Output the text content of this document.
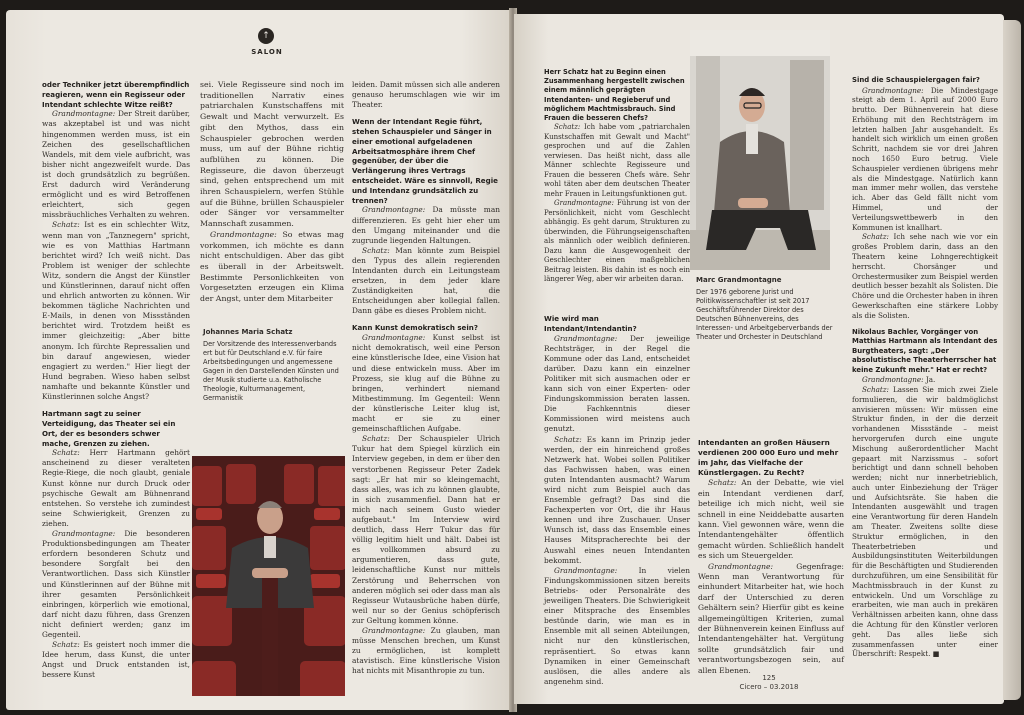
↑
SALON

oder Techniker jetzt überempfindlich reagieren, wenn ein Regisseur oder Intendant schlechte Witze reißt?

Grandmontagne: Der Streit darüber, was akzeptabel ist und was nicht hingenommen werden muss, ist ein Zeichen des gesellschaftlichen Wandels, mit dem viele aufbricht, was bisher nicht angezweifelt wurde. Das ist doch grundsätzlich zu begrüßen. Erst dadurch wird Veränderung ermöglicht und es wird Betroffenen erleichtert, sich gegen missbräuchliches Verhalten zu wehren.

Schatz: Ist es ein schlechter Witz, wenn man von „Tanznegern" spricht, wie es von Matthias Hartmann berichtet wird? Ich weiß nicht. Das Problem ist weniger der schlechte Witz, sondern die Angst der Künstler und Künstlerinnen, darauf nicht offen und ehrlich antworten zu können. Wir bekommen tägliche Nachrichten und E-Mails, in denen von Missständen berichtet wird. Trotzdem heißt es immer gleichzeitig: „Aber bitte anonym. Ich fürchte Repressalien und bin darauf angewiesen, wieder engagiert zu werden." Hier liegt der Hund begraben. Wieso haben selbst namhafte und bekannte Künstler und Künstlerinnen solche Angst?

Hartmann sagt zu seiner Verteidigung, das Theater sei ein Ort, der es besonders schwer mache, Grenzen zu ziehen.

Schatz: Herr Hartmann gehört anscheinend zu dieser veralteten Regie-Riege, die noch glaubt, geniale Kunst könne nur durch Druck oder psychische Gewalt am Bühnenrand entstehen. So verstehe ich zumindest seine Schwierigkeit, Grenzen zu ziehen.

Grandmontagne: Die besonderen Produktionsbedingungen am Theater erfordern besonderen Schutz und besondere Sorgfalt bei den Verantwortlichen. Dass sich Künstler und Künstlerinnen auf der Bühne mit ihrer gesamten Persönlichkeit einbringen, körperlich wie emotional, darf nicht dazu führen, dass Grenzen nicht definiert werden; ganz im Gegenteil.

Schatz: Es geistert noch immer die Idee herum, dass Kunst, die unter Angst und Druck entstanden ist, bessere Kunst

sei. Viele Regisseure sind noch im traditionellen Narrativ eines patriarchalen Kunstschaffens mit Gewalt und Macht verwurzelt. Es gibt den Mythos, dass ein Schauspieler gebrochen werden muss, um auf der Bühne richtig aufblühen zu können. Die Regisseure, die davon überzeugt sind, gehen entsprechend um mit ihren Schauspielern, werfen Stühle auf die Bühne, brüllen Schauspieler oder Sänger vor versammelter Mannschaft zusammen.

Grandmontagne: So etwas mag vorkommen, ich möchte es dann nicht entschuldigen. Aber das gibt es überall in der Arbeitswelt. Bestimmte Personlichkeiten von Vorgesetzten erzeugen ein Klima der Angst, unter dem Mitarbeiter

Johannes Maria Schatz
Der Vorsitzende des Interessenverbands ert but für Deutschland e.V. für faire Arbeitsbedingungen und angemessene Gagen in den Darstellenden Künsten und der Musik studierte u.a. Katholische Theologie, Kulturmanagement, Germanistik

leiden. Damit müssen sich alle anderen genauso herumschlagen wie wir im Theater.

Wenn der Intendant Regie führt, stehen Schauspieler und Sänger in einer emotional aufgeladenen Arbeitsatmosphäre ihrem Chef gegenüber, der über die Verlängerung ihres Vertrags entscheidet. Wäre es sinnvoll, Regie und Intendanz grundsätzlich zu trennen?

Grandmontagne: Da müsste man differenzieren. Es geht hier eher um den Umgang miteinander und die zugrunde liegenden Haltungen.

Schatz: Man könnte zum Beispiel den Typus des allein regierenden Intendanten durch ein Leitungsteam ersetzen, in dem jeder klare Zuständigkeiten hat, die Entscheidungen aber kollegial fallen. Dann gäbe es dieses Problem nicht.

Kann Kunst demokratisch sein?

Grandmontagne: Kunst selbst ist nicht demokratisch, weil eine Person eine künstlerische Idee, eine Vision hat und diese entwickeln muss. Aber im Prozess, sie klug auf die Bühne zu bringen, verhindert niemand Mitbestimmung. Im Gegenteil: Wenn der künstlerische Leiter klug ist, macht er sie zu einer gemeinschaftlichen Aufgabe.

Schatz: Der Schauspieler Ulrich Tukur hat dem Spiegel kürzlich ein Interview gegeben, in dem er über den verstorbenen Regisseur Peter Zadek sagt: „Er hat mir so kleingemacht, dass alles, was ich zu können glaubte, in sich zusammenfiel. Dann hat er mich nach seinem Gusto wieder aufgebaut." Im Interview wird deutlich, dass Herr Tukur das für völlig legitim hielt und hält. Dabei ist es vollkommen absurd zu argumentieren, dass gute, leidenschaftliche Kunst nur mittels Zerstörung und Beherrschen von anderen möglich sei oder dass man als Regisseur Wutausbrüche haben dürfe, weil nur so der Genius schöpferisch zur Geltung kommen könne.

Grandmontagne: Zu glauben, man müsse Menschen brechen, um Kunst zu ermöglichen, ist komplett atavistisch. Eine künstlerische Vision hat nichts mit Misanthropie zu tun.

Herr Schatz hat zu Beginn einen Zusammenhang hergestellt zwischen einem männlich geprägten Intendanten- und Regieberuf und möglichem Machtmissbrauch. Sind Frauen die besseren Chefs?

Schatz: Ich habe vom „patriarchalen Kunstschaffen mit Gewalt und Macht" gesprochen und auf die Zahlen verwiesen. Das heißt nicht, dass alle Männer schlechte Regisseure und Frauen die besseren Chefs wäre. Sehr wohl täten aber dem deutschen Theater mehr Frauen in Leitungsfunktionen gut.

Grandmontagne: Führung ist von der Persönlichkeit, nicht vom Geschlecht abhängig. Es geht darum, Strukturen zu überwinden, die Führungseigenschaften als männlich oder weiblich definieren. Dazu kann die Ausgewogenheit der Geschlechter einen maßgeblichen Beitrag leisten. Bis dahin ist es noch ein längerer Weg, aber wir arbeiten daran.

Wie wird man Intendant/Intendantin?

Grandmontagne: Der jeweilige Rechtsträger, in der Regel die Kommune oder das Land, entscheidet darüber. Dazu kann ein einzelner Politiker mit sich ausmachen oder er kann sich von einer Experten- oder Findungskommission beraten lassen. Die Fachkenntnis dieser Kommissionen wird meistens auch genutzt.

Schatz: Es kann im Prinzip jeder werden, der ein hinreichend großes Netzwerk hat. Wobei sollen Politiker das Fachwissen haben, was einen guten Intendanten ausmacht? Warum wird nicht zum Beispiel auch das Ensemble gefragt? Das sind die Fachexperten vor Ort, die ihr Haus kennen und ihre Zuschauer. Unser Wunsch ist, dass das Ensemble eines Hauses Mitspracherechte bei der Auswahl eines neuen Intendanten bekommt.

Grandmontagne: In vielen Findungskommissionen sitzen bereits Betriebs- oder Personalräte des jeweiligen Theaters. Die Schwierigkeit einer Mitsprache des Ensembles bestünde darin, wie man es in Ensemble mit all seinen Abteilungen, nicht nur den künstlerischen, repräsentiert. So etwas kann Dynamiken in einer Gemeinschaft auslösen, die alles andere als angenehm sind.

Marc Grandmontagne
Der 1976 geborene Jurist und Politikwissenschaftler ist seit 2017 Geschäftsführender Direktor des Deutschen Bühnenvereins, des Interessen- und Arbeitgeberverbands der Theater und Orchester in Deutschland

Intendanten an großen Häusern verdienen 200 000 Euro und mehr im Jahr, das Vielfache der Künstlergagen. Zu Recht?

Schatz: An der Debatte, wie viel ein Intendant verdienen darf, beteilige ich mich nicht, weil sie schnell in eine Neiddebatte ausarten kann. Viel gewonnen wäre, wenn die Intendantengehälter öffentlich gemacht würden. Schließlich handelt es sich um Steuergelder.

Grandmontagne: Gegenfrage: Wenn man Verantwortung für einhundert Mitarbeiter hat, wie hoch darf der Unterschied zu deren Gehältern sein? Hierfür gibt es keine allgemeingültigen Kriterien, zumal der Bühnenverein keinen Einfluss auf Intendantengehälter hat. Vergütung sollte grundsätzlich fair und verantwortungsbezogen sein, auf allen Ebenen.

Sind die Schauspielergagen fair?

Grandmontagne: Die Mindestgage steigt ab dem 1. April auf 2000 Euro brutto. Der Bühnenverein hat diese Erhöhung mit den Rechtsträgern im letzten halben Jahr ausgehandelt. Es handelt sich wirklich um einen großen Schritt, nachdem sie vor drei Jahren noch 1650 Euro betrug. Viele Schauspieler verdienen übrigens mehr als die Mindestgage. Natürlich kann man immer mehr wollen, das verstehe ich. Aber das Geld fällt nicht vom Himmel, und der Verteilungswettbewerb in den Kommunen ist knallhart.

Schatz: Ich sehe nach wie vor ein großes Problem darin, dass an den Theatern keine Lohngerechtigkeit herrscht. Chorsänger und Orchestermusiker zum Beispiel werden deutlich besser bezahlt als Solisten. Die Chöre und die Orchester haben in ihren Gewerkschaften eine stärkere Lobby als die Solisten.

Nikolaus Bachler, Vorgänger von Matthias Hartmann als Intendant des Burgtheaters, sagt: „Der absolutistische Theaterherrscher hat keine Zukunft mehr." Hat er recht?

Grandmontagne: Ja.

Schatz: Lassen Sie mich zwei Ziele formulieren, die wir baldmöglichst anvisieren müssen: Wir müssen eine Struktur finden, in der die derzeit vorhandenen Missstände – meist hervorgerufen durch eine ungute Mischung außerordentlicher Macht gepaart mit Narzissmus – sofort berichtigt und dann schnell behoben werden; nicht nur innerbetrieblich, auch unter Einbeziehung der Träger und Aufsichtsräte. Sie haben die Intendanten ausgewählt und tragen eine Verantwortung für deren Handeln am Theater. Zweitens sollte diese Struktur ermöglichen, in den Theaterbetrieben und Ausbildungsinstituten Weiterbildungen für die Beschäftigten und Studierenden durchzuführen, um eine Sensibilität für Machtmissbrauch in der Kunst zu entwickeln. Und um Vorschläge zu erarbeiten, wie man auch in prekären Verhältnissen arbeiten kann, ohne dass die Achtung für den Künstler verloren geht. Das alles ließe sich zusammenfassen unter einer Überschrift: Respekt. ■

125
Cicero – 03.2018
